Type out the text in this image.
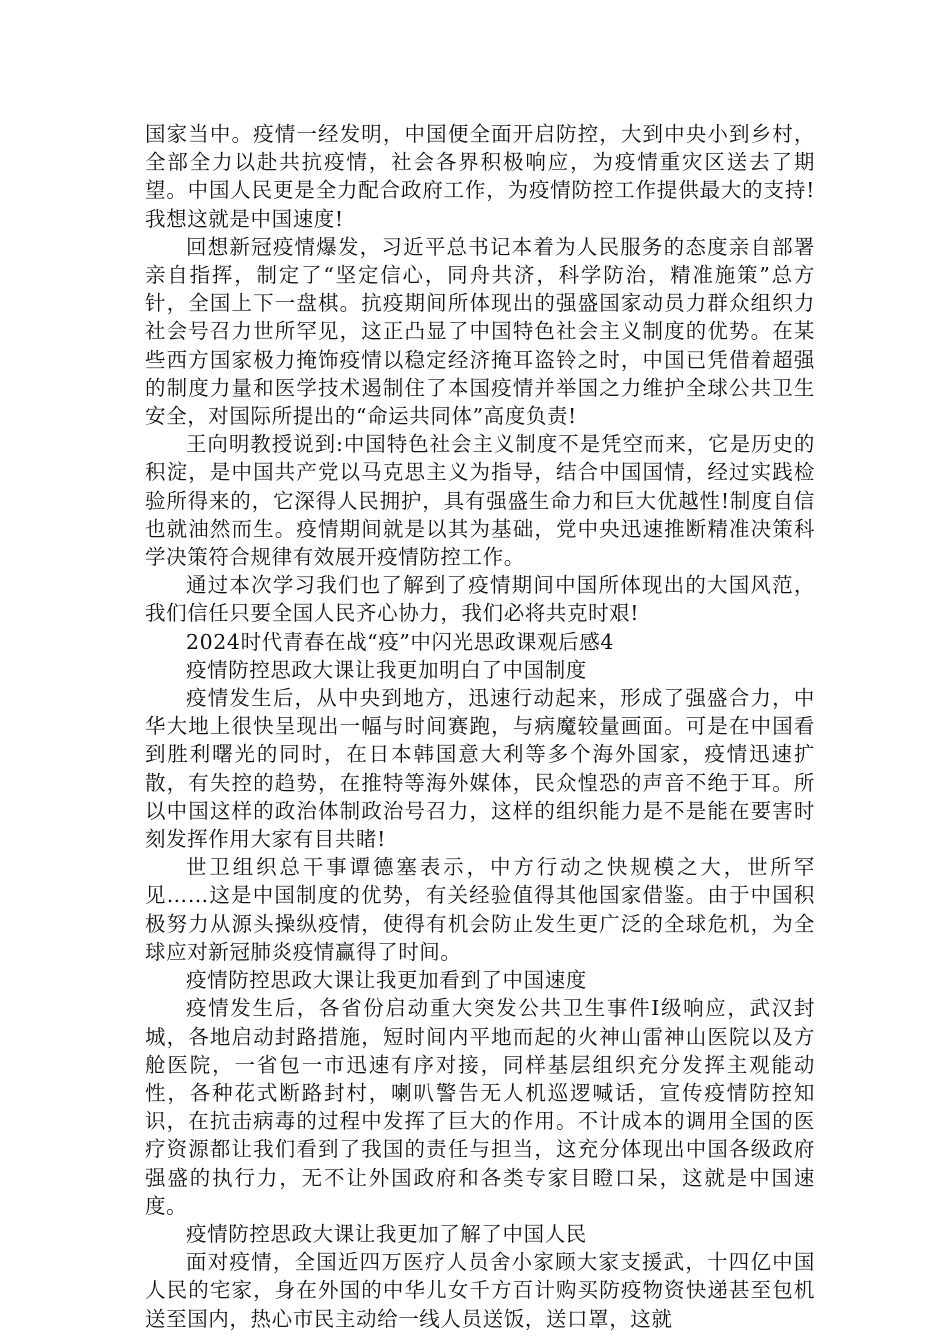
国家当中。疫情一经发明，中国便全面开启防控，大到中央小到乡村，全部全力以赴共抗疫情，社会各界积极响应，为疫情重灾区送去了期望。中国人民更是全力配合政府工作，为疫情防控工作提供最大的支持!我想这就是中国速度!

回想新冠疫情爆发，习近平总书记本着为人民服务的态度亲自部署亲自指挥，制定了“坚定信心，同舟共济，科学防治，精准施策”总方针，全国上下一盘棋。抗疫期间所体现出的强盛国家动员力群众组织力社会号召力世所罕见，这正凸显了中国特色社会主义制度的优势。在某些西方国家极力掩饰疫情以稳定经济掩耳盗铃之时，中国已凭借着超强的制度力量和医学技术遏制住了本国疫情并举国之力维护全球公共卫生安全，对国际所提出的“命运共同体”高度负责!

王向明教授说到:中国特色社会主义制度不是凭空而来，它是历史的积淀，是中国共产党以马克思主义为指导，结合中国国情，经过实践检验所得来的，它深得人民拥护，具有强盛生命力和巨大优越性!制度自信也就油然而生。疫情期间就是以其为基础，党中央迅速推断精准决策科学决策符合规律有效展开疫情防控工作。

通过本次学习我们也了解到了疫情期间中国所体现出的大国风范，我们信任只要全国人民齐心协力，我们必将共克时艰!

2024时代青春在战“疫”中闪光思政课观后感4

疫情防控思政大课让我更加明白了中国制度

疫情发生后，从中央到地方，迅速行动起来，形成了强盛合力，中华大地上很快呈现出一幅与时间赛跑，与病魔较量画面。可是在中国看到胜利曙光的同时，在日本韩国意大利等多个海外国家，疫情迅速扩散，有失控的趋势，在推特等海外媒体，民众惶恐的声音不绝于耳。所以中国这样的政治体制政治号召力，这样的组织能力是不是能在要害时刻发挥作用大家有目共睹!

世卫组织总干事谭德塞表示，中方行动之快规模之大，世所罕见……这是中国制度的优势，有关经验值得其他国家借鉴。由于中国积极努力从源头操纵疫情，使得有机会防止发生更广泛的全球危机，为全球应对新冠肺炎疫情赢得了时间。

疫情防控思政大课让我更加看到了中国速度

疫情发生后，各省份启动重大突发公共卫生事件Ⅰ级响应，武汉封城，各地启动封路措施，短时间内平地而起的火神山雷神山医院以及方舱医院，一省包一市迅速有序对接，同样基层组织充分发挥主观能动性，各种花式断路封村，喇叭警告无人机巡逻喊话，宣传疫情防控知识，在抗击病毒的过程中发挥了巨大的作用。不计成本的调用全国的医疗资源都让我们看到了我国的责任与担当，这充分体现出中国各级政府强盛的执行力，无不让外国政府和各类专家目瞪口呆，这就是中国速度。

疫情防控思政大课让我更加了解了中国人民

面对疫情，全国近四万医疗人员舍小家顾大家支援武，十四亿中国人民的宅家，身在外国的中华儿女千方百计购买防疫物资快递甚至包机送至国内，热心市民主动给一线人员送饭，送口罩，这就
